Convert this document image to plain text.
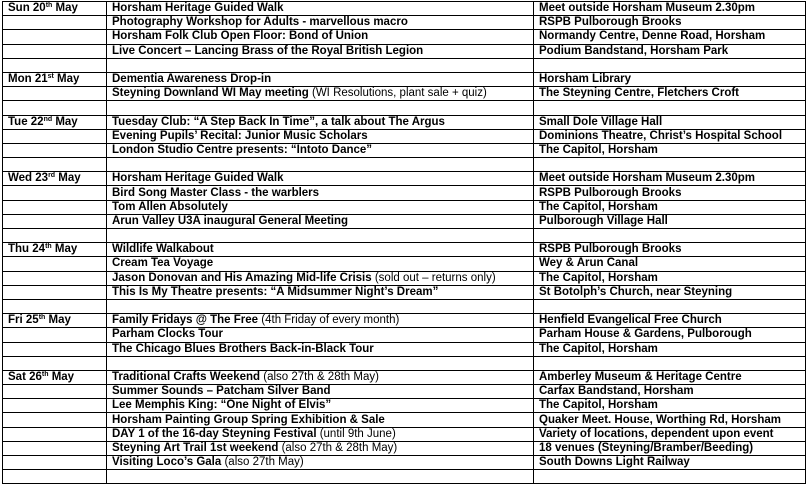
Sun 20th May	Horsham Heritage Guided Walk	Meet outside Horsham Museum 2.30pm
	Photography Workshop for Adults - marvellous macro	RSPB Pulborough Brooks
	Horsham Folk Club Open Floor: Bond of Union	Normandy Centre, Denne Road, Horsham
	Live Concert – Lancing Brass of the Royal British Legion	Podium Bandstand, Horsham Park

Mon 21st May	Dementia Awareness Drop-in	Horsham Library
	Steyning Downland WI May meeting (WI Resolutions, plant sale + quiz)	The Steyning Centre, Fletchers Croft

Tue 22nd May	Tuesday Club: “A Step Back In Time”, a talk about The Argus	Small Dole Village Hall
	Evening Pupils’ Recital: Junior Music Scholars	Dominions Theatre, Christ’s Hospital School
	London Studio Centre presents: “Intoto Dance”	The Capitol, Horsham

Wed 23rd May	Horsham Heritage Guided Walk	Meet outside Horsham Museum 2.30pm
	Bird Song Master Class - the warblers	RSPB Pulborough Brooks
	Tom Allen Absolutely	The Capitol, Horsham
	Arun Valley U3A inaugural General Meeting	Pulborough Village Hall

Thu 24th May	Wildlife Walkabout	RSPB Pulborough Brooks
	Cream Tea Voyage	Wey & Arun Canal
	Jason Donovan and His Amazing Mid-life Crisis (sold out – returns only)	The Capitol, Horsham
	This Is My Theatre presents: “A Midsummer Night’s Dream”	St Botolph’s Church, near Steyning

Fri 25th May	Family Fridays @ The Free (4th Friday of every month)	Henfield Evangelical Free Church
	Parham Clocks Tour	Parham House & Gardens, Pulborough
	The Chicago Blues Brothers Back-in-Black Tour	The Capitol, Horsham

Sat 26th May	Traditional Crafts Weekend (also 27th & 28th May)	Amberley Museum & Heritage Centre
	Summer Sounds – Patcham Silver Band	Carfax Bandstand, Horsham
	Lee Memphis King: “One Night of Elvis”	The Capitol, Horsham
	Horsham Painting Group Spring Exhibition & Sale	Quaker Meet. House, Worthing Rd, Horsham
	DAY 1 of the 16-day Steyning Festival (until 9th June)	Variety of locations, dependent upon event
	Steyning Art Trail 1st weekend (also 27th & 28th May)	18 venues (Steyning/Bramber/Beeding)
	Visiting Loco’s Gala (also 27th May)	South Downs Light Railway
